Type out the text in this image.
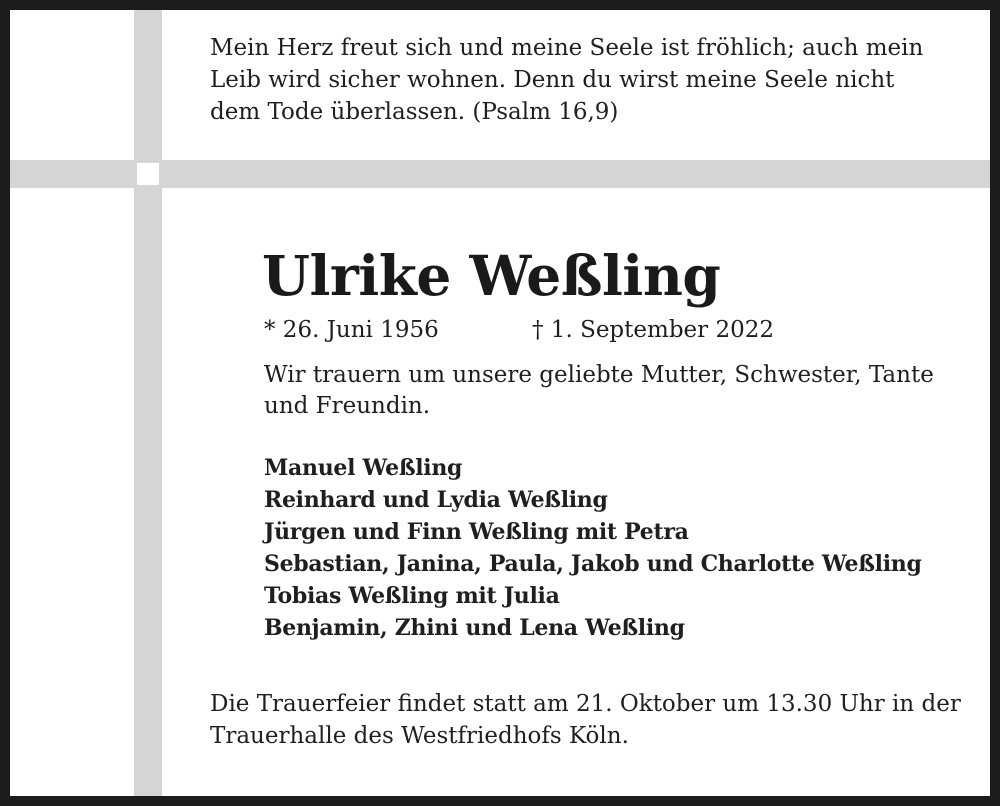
Mein Herz freut sich und meine Seele ist fröhlich; auch mein Leib wird sicher wohnen. Denn du wirst meine Seele nicht dem Tode überlassen. (Psalm 16,9)

Ulrike Weßling
* 26. Juni 1956	† 1. September 2022

Wir trauern um unsere geliebte Mutter, Schwester, Tante und Freundin.

Manuel Weßling
Reinhard und Lydia Weßling
Jürgen und Finn Weßling mit Petra
Sebastian, Janina, Paula, Jakob und Charlotte Weßling
Tobias Weßling mit Julia
Benjamin, Zhini und Lena Weßling

Die Trauerfeier findet statt am 21. Oktober um 13.30 Uhr in der Trauerhalle des Westfriedhofs Köln.
